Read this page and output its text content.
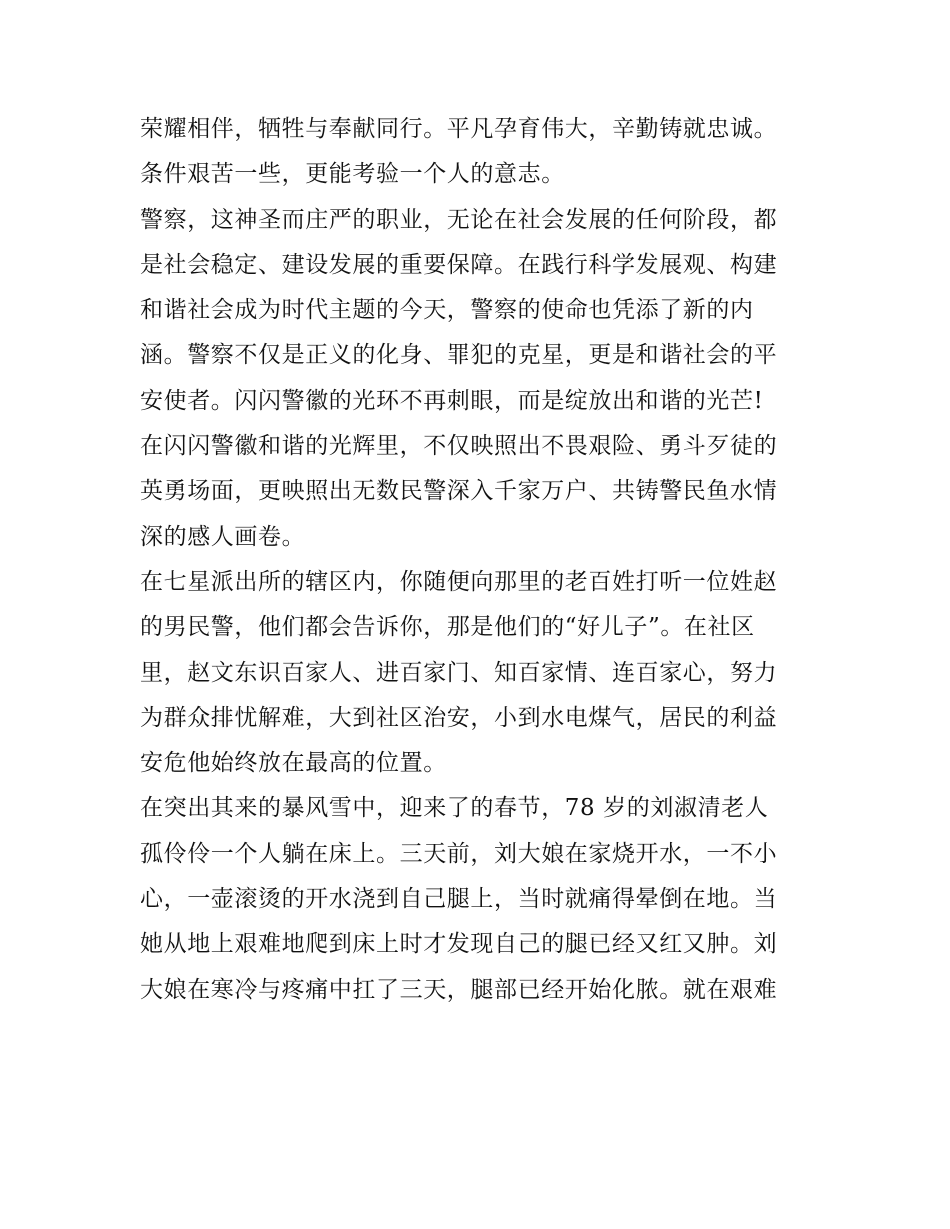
荣耀相伴，牺牲与奉献同行。平凡孕育伟大，辛勤铸就忠诚。
条件艰苦一些，更能考验一个人的意志。
警察，这神圣而庄严的职业，无论在社会发展的任何阶段，都
是社会稳定、建设发展的重要保障。在践行科学发展观、构建
和谐社会成为时代主题的今天，警察的使命也凭添了新的内
涵。警察不仅是正义的化身、罪犯的克星，更是和谐社会的平
安使者。闪闪警徽的光环不再刺眼，而是绽放出和谐的光芒!
在闪闪警徽和谐的光辉里，不仅映照出不畏艰险、勇斗歹徒的
英勇场面，更映照出无数民警深入千家万户、共铸警民鱼水情
深的感人画卷。
在七星派出所的辖区内，你随便向那里的老百姓打听一位姓赵
的男民警，他们都会告诉你，那是他们的“好儿子”。在社区
里，赵文东识百家人、进百家门、知百家情、连百家心，努力
为群众排忧解难，大到社区治安，小到水电煤气，居民的利益
安危他始终放在最高的位置。
在突出其来的暴风雪中，迎来了的春节，78 岁的刘淑清老人
孤伶伶一个人躺在床上。三天前，刘大娘在家烧开水，一不小
心，一壶滚烫的开水浇到自己腿上，当时就痛得晕倒在地。当
她从地上艰难地爬到床上时才发现自己的腿已经又红又肿。刘
大娘在寒冷与疼痛中扛了三天，腿部已经开始化脓。就在艰难
